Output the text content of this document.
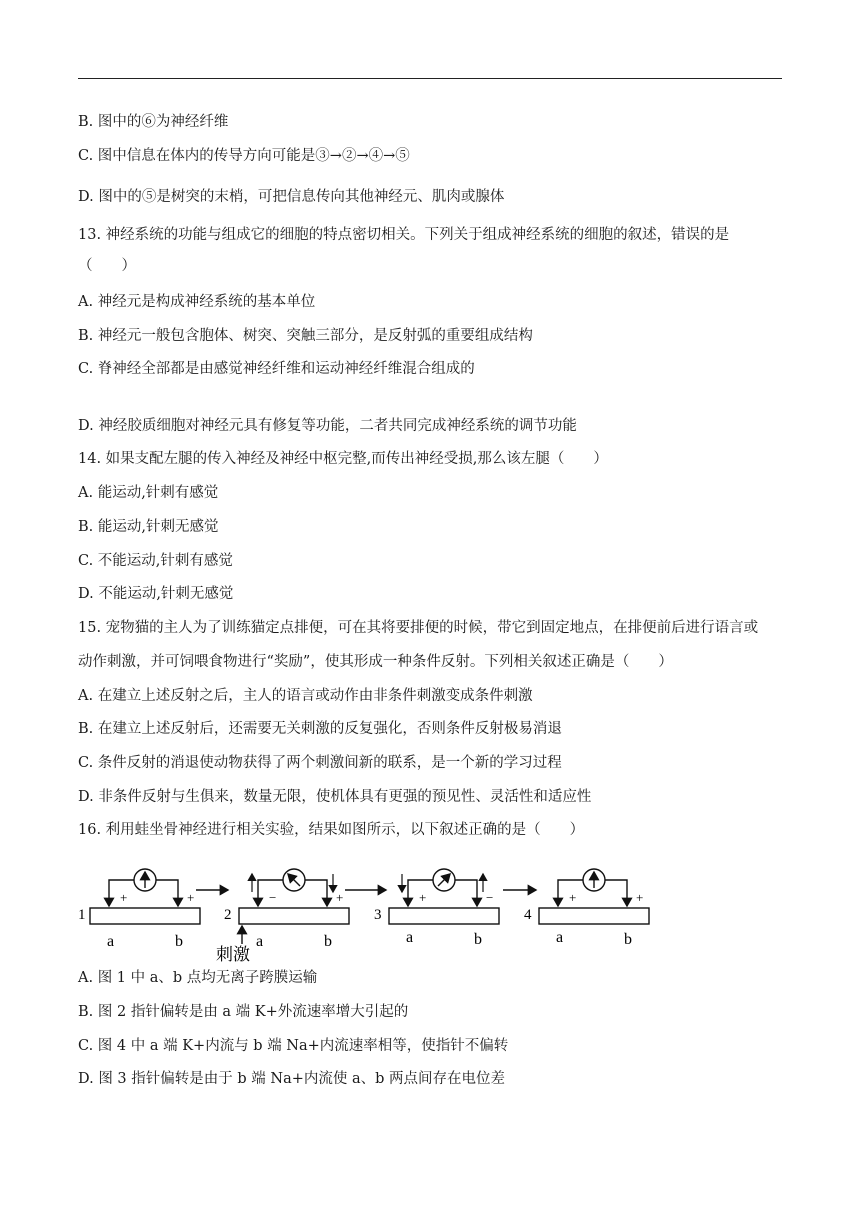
B. 图中的⑥为神经纤维
C. 图中信息在体内的传导方向可能是③→②→④→⑤
D. 图中的⑤是树突的末梢，可把信息传向其他神经元、肌肉或腺体
13. 神经系统的功能与组成它的细胞的特点密切相关。下列关于组成神经系统的细胞的叙述，错误的是
（　　）
A. 神经元是构成神经系统的基本单位
B. 神经元一般包含胞体、树突、突触三部分，是反射弧的重要组成结构
C. 脊神经全部都是由感觉神经纤维和运动神经纤维混合组成的
D. 神经胶质细胞对神经元具有修复等功能，二者共同完成神经系统的调节功能
14. 如果支配左腿的传入神经及神经中枢完整,而传出神经受损,那么该左腿（　　）
A. 能运动,针刺有感觉
B. 能运动,针刺无感觉
C. 不能运动,针刺有感觉
D. 不能运动,针刺无感觉
15. 宠物猫的主人为了训练猫定点排便，可在其将要排便的时候，带它到固定地点，在排便前后进行语言或
动作刺激，并可饲喂食物进行“奖励”，使其形成一种条件反射。下列相关叙述正确是（　　）
A. 在建立上述反射之后，主人的语言或动作由非条件刺激变成条件刺激
B. 在建立上述反射后，还需要无关刺激的反复强化，否则条件反射极易消退
C. 条件反射的消退使动物获得了两个刺激间新的联系，是一个新的学习过程
D. 非条件反射与生俱来，数量无限，使机体具有更强的预见性、灵活性和适应性
16. 利用蛙坐骨神经进行相关实验，结果如图所示，以下叙述正确的是（　　）
1
+	+
a	b
2
−	+
a	b
刺激
3
+	−
a	b
4
+	+
a	b
A. 图 1 中 a、b 点均无离子跨膜运输
B. 图 2 指针偏转是由 a 端 K+外流速率增大引起的
C. 图 4 中 a 端 K+内流与 b 端 Na+内流速率相等，使指针不偏转
D. 图 3 指针偏转是由于 b 端 Na+内流使 a、b 两点间存在电位差
